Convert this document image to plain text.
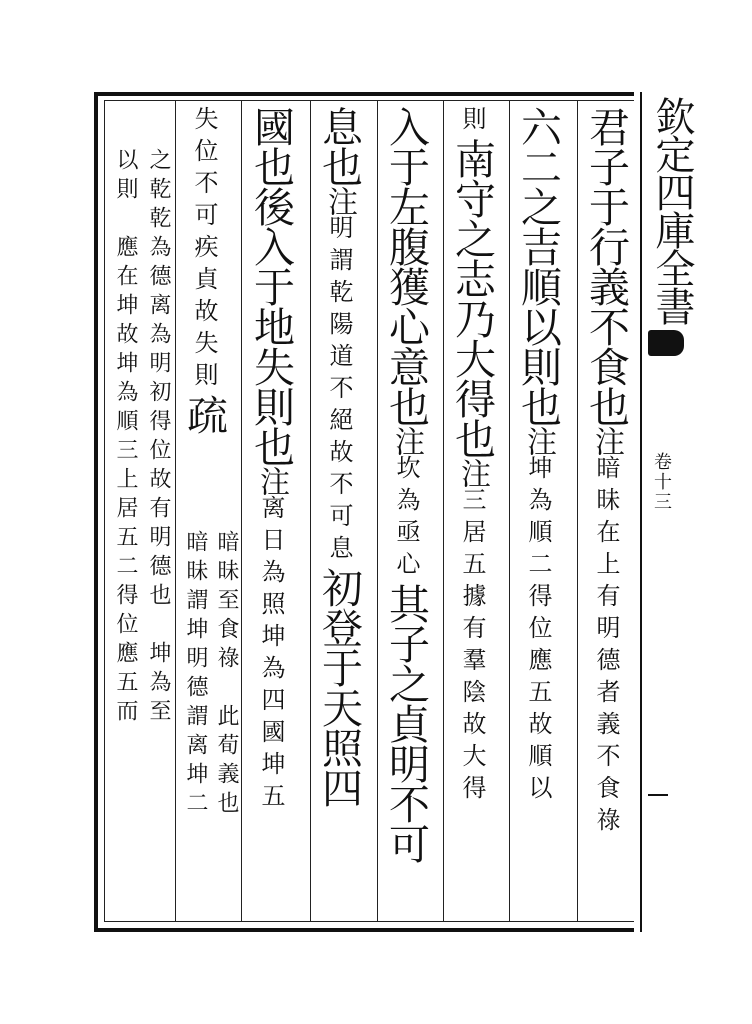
欽定四庫全書
卷十三
君子于行義不食也注暗昧在上有明德者義不食祿
六二之吉順以則也注坤為順二得位應五故順以
則南守之志乃大得也注三居五據有羣陰故大得
入于左腹獲心意也注坎為亟心其子之貞明不可
息也注明謂乾陽道不絕故不可息初登于天照四
國也後入于地失則也注离日為照坤為四國坤五
失位不可疾貞故失則疏
暗昧至食祿　此荀義也
暗昧謂坤明德謂离坤二
之乾乾為德离為明初得位故有明德也　坤為至
以則　應在坤故坤為順三上居五二得位應五而
